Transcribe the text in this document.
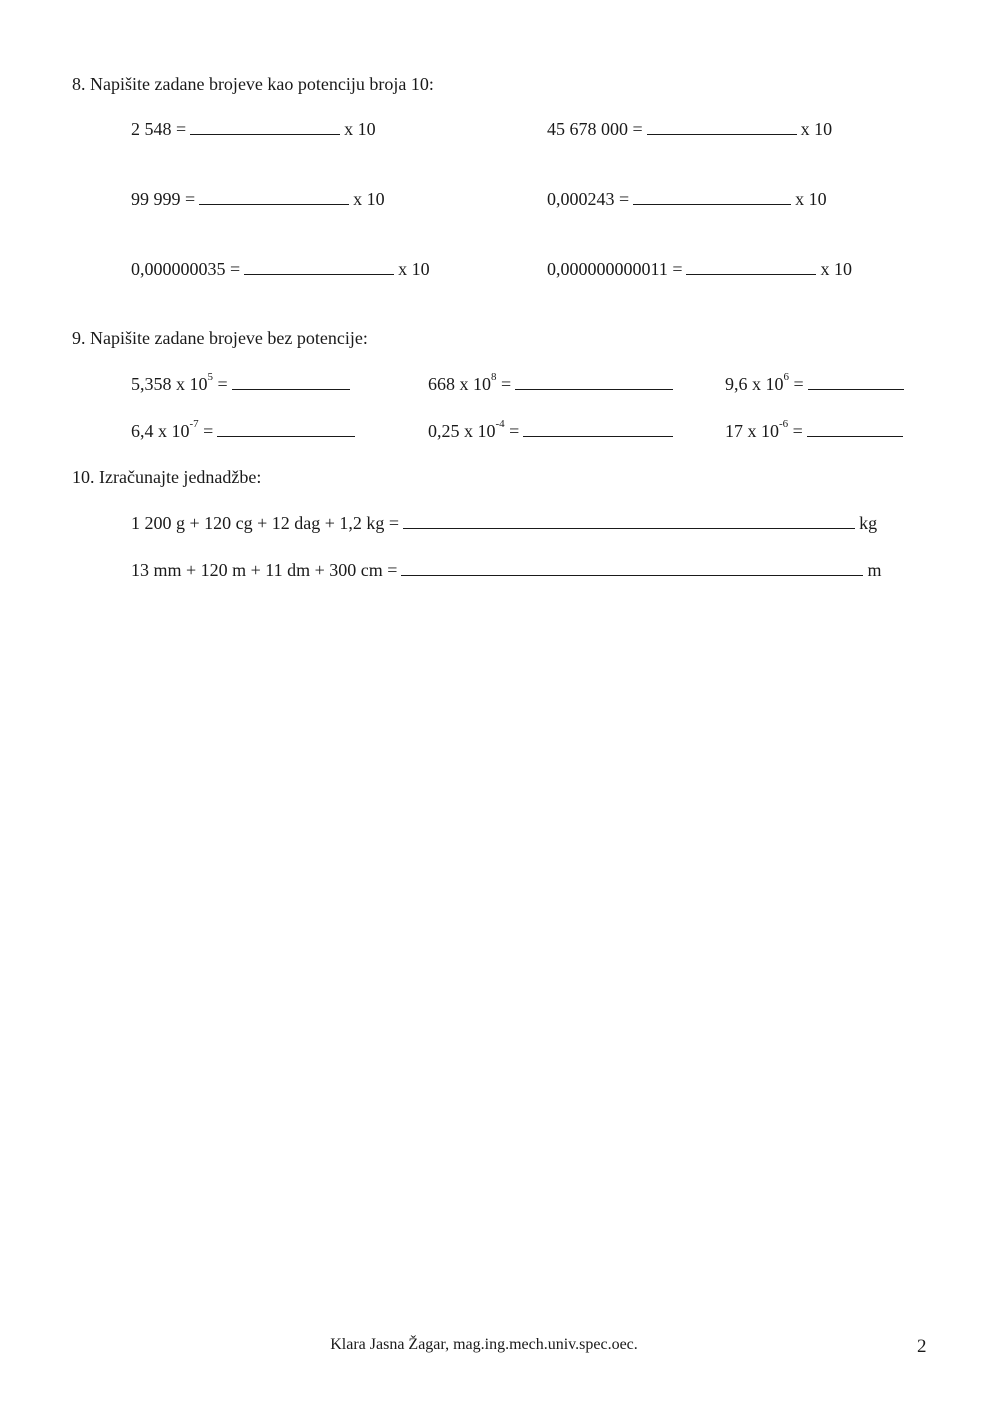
8. Napišite zadane brojeve kao potenciju broja 10:
2 548 =	x 10	45 678 000 =	x 10
99 999 =	x 10	0,000243 =	x 10
0,000000035 =	x 10	0,000000000011 =	x 10
9. Napišite zadane brojeve bez potencije:
5,358 x $10^5$ =	668 x $10^8$ =	9,6 x $10^6$ =
6,4 x $10^{-7}$ =	0,25 x $10^{-4}$ =	17 x $10^{-6}$ =
10. Izračunajte jednadžbe:
1 200 g + 120 cg + 12 dag + 1,2 kg =	kg
13 mm + 120 m + 11 dm + 300 cm =	m
Klara Jasna Žagar, mag.ing.mech.univ.spec.oec.	2
